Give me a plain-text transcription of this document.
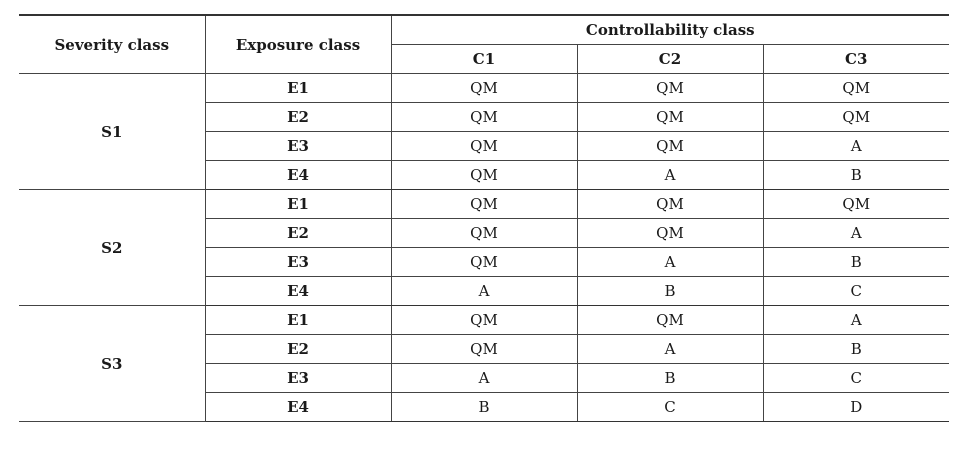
Severity class	Exposure class	Controllability class		
		C1	C2	C3
S1	E1	QM	QM	QM
	E2	QM	QM	QM
	E3	QM	QM	A
	E4	QM	A	B
S2	E1	QM	QM	QM
	E2	QM	QM	A
	E3	QM	A	B
	E4	A	B	C
S3	E1	QM	QM	A
	E2	QM	A	B
	E3	A	B	C
	E4	B	C	D
